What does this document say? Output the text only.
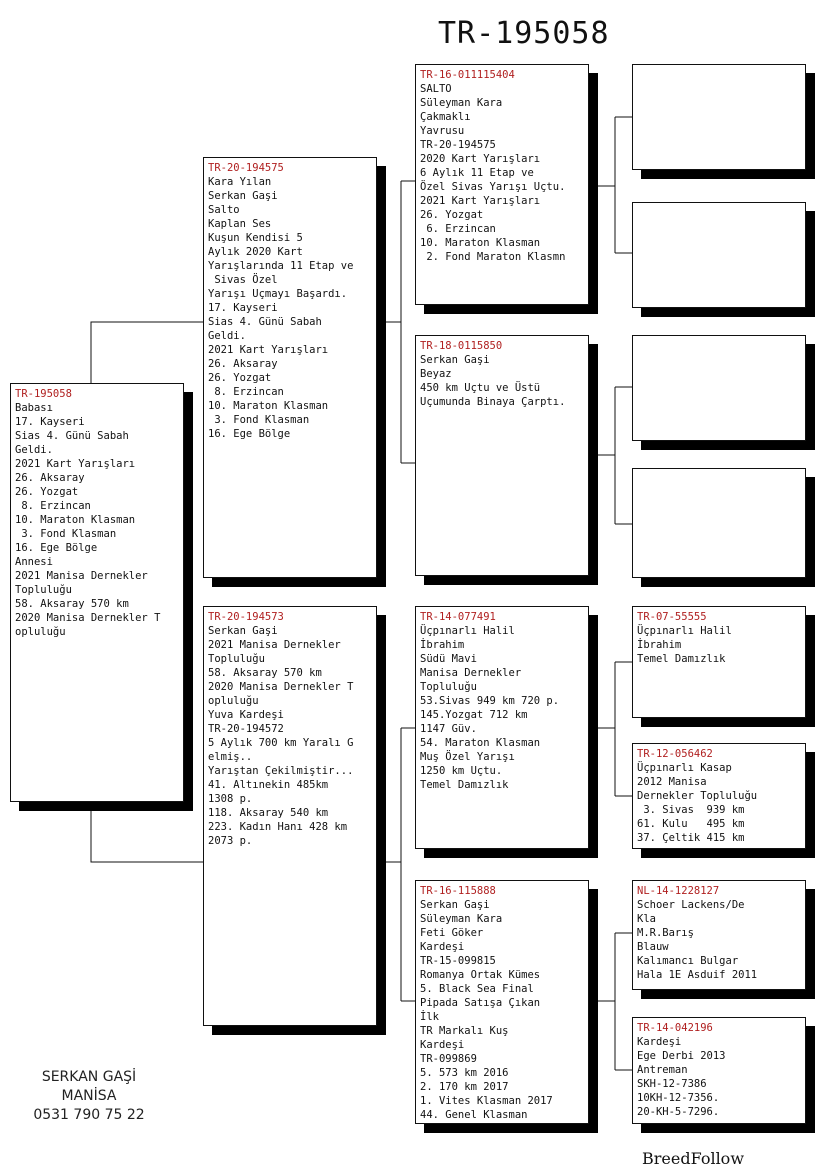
TR-195058
TR-195058
Babası
17. Kayseri
Sias 4. Günü Sabah
Geldi.
2021 Kart Yarışları
26. Aksaray
26. Yozgat
8. Erzincan
10. Maraton Klasman
3. Fond Klasman
16. Ege Bölge
Annesi
2021 Manisa Dernekler
Topluluğu
58. Aksaray 570 km
2020 Manisa Dernekler T
opluluğu
TR-20-194575
Kara Yılan
Serkan Gaşi
Salto
Kaplan Ses
Kuşun Kendisi 5
Aylık 2020 Kart
Yarışlarında 11 Etap ve
Sivas Özel
Yarışı Uçmayı Başardı.
17. Kayseri
Sias 4. Günü Sabah
Geldi.
2021 Kart Yarışları
26. Aksaray
26. Yozgat
8. Erzincan
10. Maraton Klasman
3. Fond Klasman
16. Ege Bölge
TR-20-194573
Serkan Gaşi
2021 Manisa Dernekler
Topluluğu
58. Aksaray 570 km
2020 Manisa Dernekler T
opluluğu
Yuva Kardeşi
TR-20-194572
5 Aylık 700 km Yaralı G
elmiş..
Yarıştan Çekilmiştir...
41. Altınekin 485km
1308 p.
118. Aksaray 540 km
223. Kadın Hanı 428 km
2073 p.
TR-16-011115404
SALTO
Süleyman Kara
Çakmaklı
Yavrusu
TR-20-194575
2020 Kart Yarışları
6 Aylık 11 Etap ve
Özel Sivas Yarışı Uçtu.
2021 Kart Yarışları
26. Yozgat
6. Erzincan
10. Maraton Klasman
2. Fond Maraton Klasmn
TR-18-0115850
Serkan Gaşi
Beyaz
450 km Uçtu ve Üstü
Uçumunda Binaya Çarptı.
TR-14-077491
Üçpınarlı Halil
İbrahim
Südü Mavi
Manisa Dernekler
Topluluğu
53.Sivas 949 km 720 p.
145.Yozgat 712 km
1147 Güv.
54. Maraton Klasman
Muş Özel Yarışı
1250 km Uçtu.
Temel Damızlık
TR-16-115888
Serkan Gaşi
Süleyman Kara
Feti Göker
Kardeşi
TR-15-099815
Romanya Ortak Kümes
5. Black Sea Final
Pipada Satışa Çıkan
İlk
TR Markalı Kuş
Kardeşi
TR-099869
5. 573 km 2016
2. 170 km 2017
1. Vites Klasman 2017
44. Genel Klasman
TR-07-55555
Üçpınarlı Halil
İbrahim
Temel Damızlık
TR-12-056462
Üçpınarlı Kasap
2012 Manisa
Dernekler Topluluğu
3. Sivas  939 km
61. Kulu   495 km
37. Çeltik 415 km
NL-14-1228127
Schoer Lackens/De
Kla
M.R.Barış
Blauw
Kalımancı Bulgar
Hala 1E Asduif 2011
TR-14-042196
Kardeşi
Ege Derbi 2013
Antreman
SKH-12-7386
10KH-12-7356.
20-KH-5-7296.
SERKAN GAŞİ
MANİSA
0531 790 75 22
BreedFollow
